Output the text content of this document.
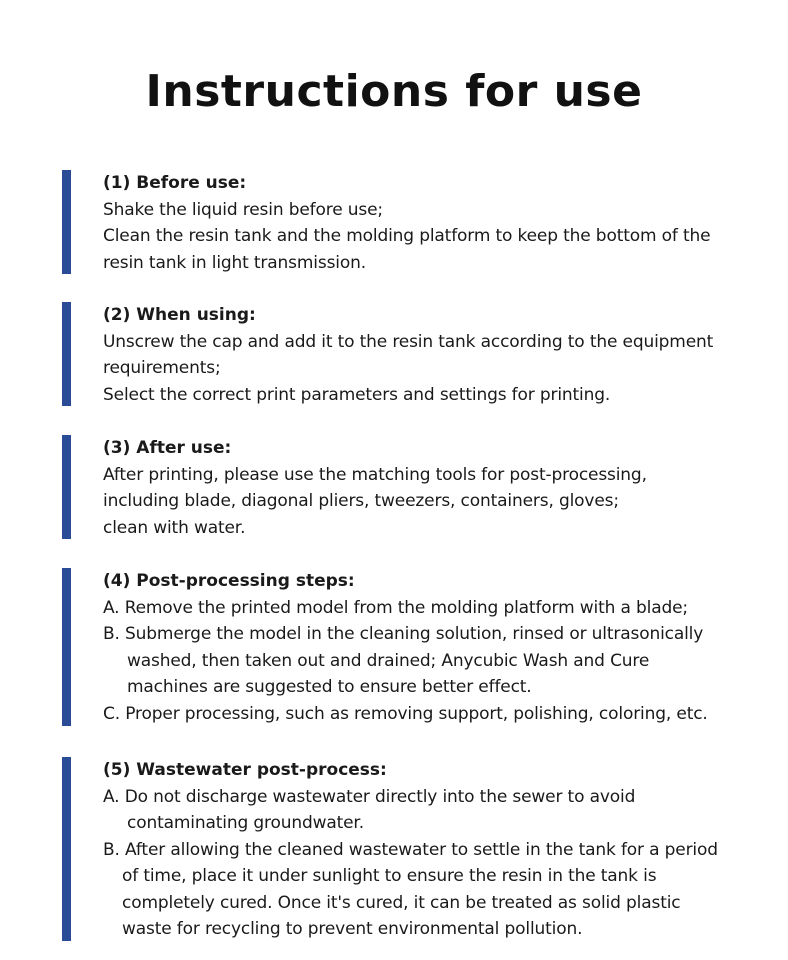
Instructions for use
(1) Before use:
Shake the liquid resin before use;
Clean the resin tank and the molding platform to keep the bottom of the
resin tank in light transmission.
(2) When using:
Unscrew the cap and add it to the resin tank according to the equipment
requirements;
Select the correct print parameters and settings for printing.
(3) After use:
After printing, please use the matching tools for post-processing,
including blade, diagonal pliers, tweezers, containers, gloves;
clean with water.
(4) Post-processing steps:
A. Remove the printed model from the molding platform with a blade;
B. Submerge the model in the cleaning solution, rinsed or ultrasonically
washed, then taken out and drained; Anycubic Wash and Cure
machines are suggested to ensure better effect.
C. Proper processing, such as removing support, polishing, coloring, etc.
(5) Wastewater post-process:
A. Do not discharge wastewater directly into the sewer to avoid
contaminating groundwater.
B. After allowing the cleaned wastewater to settle in the tank for a period
of time, place it under sunlight to ensure the resin in the tank is
completely cured. Once it's cured, it can be treated as solid plastic
waste for recycling to prevent environmental pollution.
